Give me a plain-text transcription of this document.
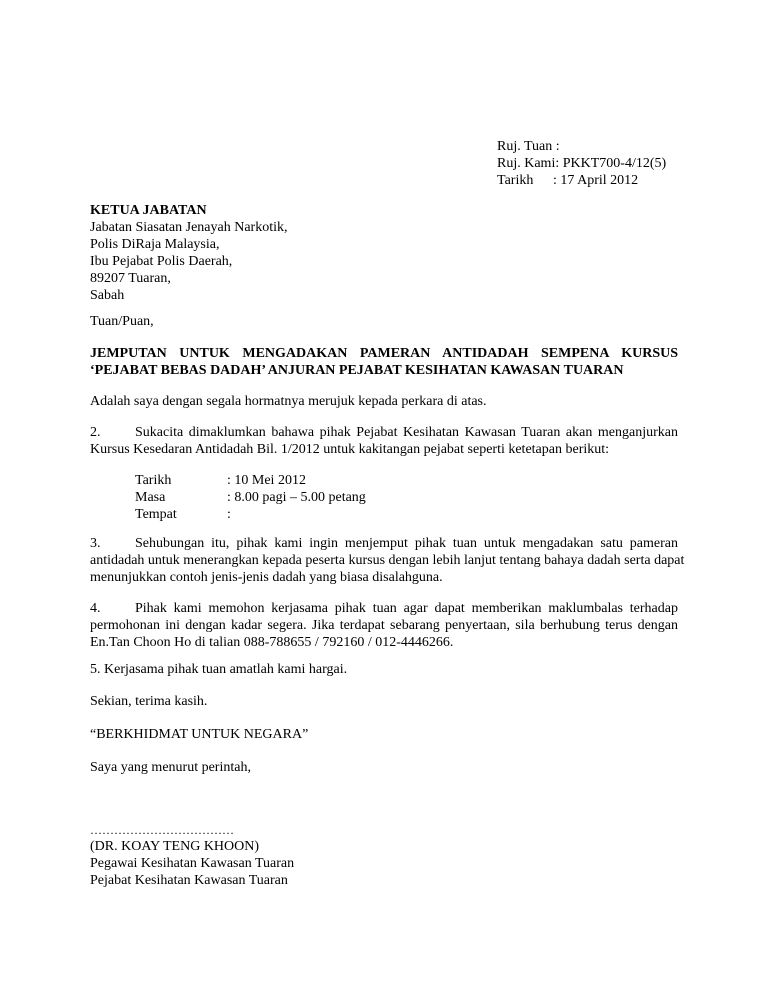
Ruj. Tuan :
Ruj. Kami: PKKT700-4/12(5)
Tarikh : 17 April 2012
KETUA JABATAN
Jabatan Siasatan Jenayah Narkotik,
Polis DiRaja Malaysia,
Ibu Pejabat Polis Daerah,
89207 Tuaran,
Sabah
Tuan/Puan,
JEMPUTAN UNTUK MENGADAKAN PAMERAN ANTIDADAH SEMPENA KURSUS
‘PEJABAT BEBAS DADAH’ ANJURAN PEJABAT KESIHATAN KAWASAN TUARAN
Adalah saya dengan segala hormatnya merujuk kepada perkara di atas.
2. Sukacita dimaklumkan bahawa pihak Pejabat Kesihatan Kawasan Tuaran akan menganjurkan
Kursus Kesedaran Antidadah Bil. 1/2012 untuk kakitangan pejabat seperti ketetapan berikut:
Tarikh	: 10 Mei 2012
Masa	: 8.00 pagi – 5.00 petang
Tempat	:
3. Sehubungan itu, pihak kami ingin menjemput pihak tuan untuk mengadakan satu pameran
antidadah untuk menerangkan kepada peserta kursus dengan lebih lanjut tentang bahaya dadah serta dapat
menunjukkan contoh jenis-jenis dadah yang biasa disalahguna.
4. Pihak kami memohon kerjasama pihak tuan agar dapat memberikan maklumbalas terhadap
permohonan ini dengan kadar segera. Jika terdapat sebarang penyertaan, sila berhubung terus dengan
En.Tan Choon Ho di talian 088-788655 / 792160 / 012-4446266.
5. Kerjasama pihak tuan amatlah kami hargai.
Sekian, terima kasih.
“BERKHIDMAT UNTUK NEGARA”
Saya yang menurut perintah,
………………………………
(DR. KOAY TENG KHOON)
Pegawai Kesihatan Kawasan Tuaran
Pejabat Kesihatan Kawasan Tuaran
